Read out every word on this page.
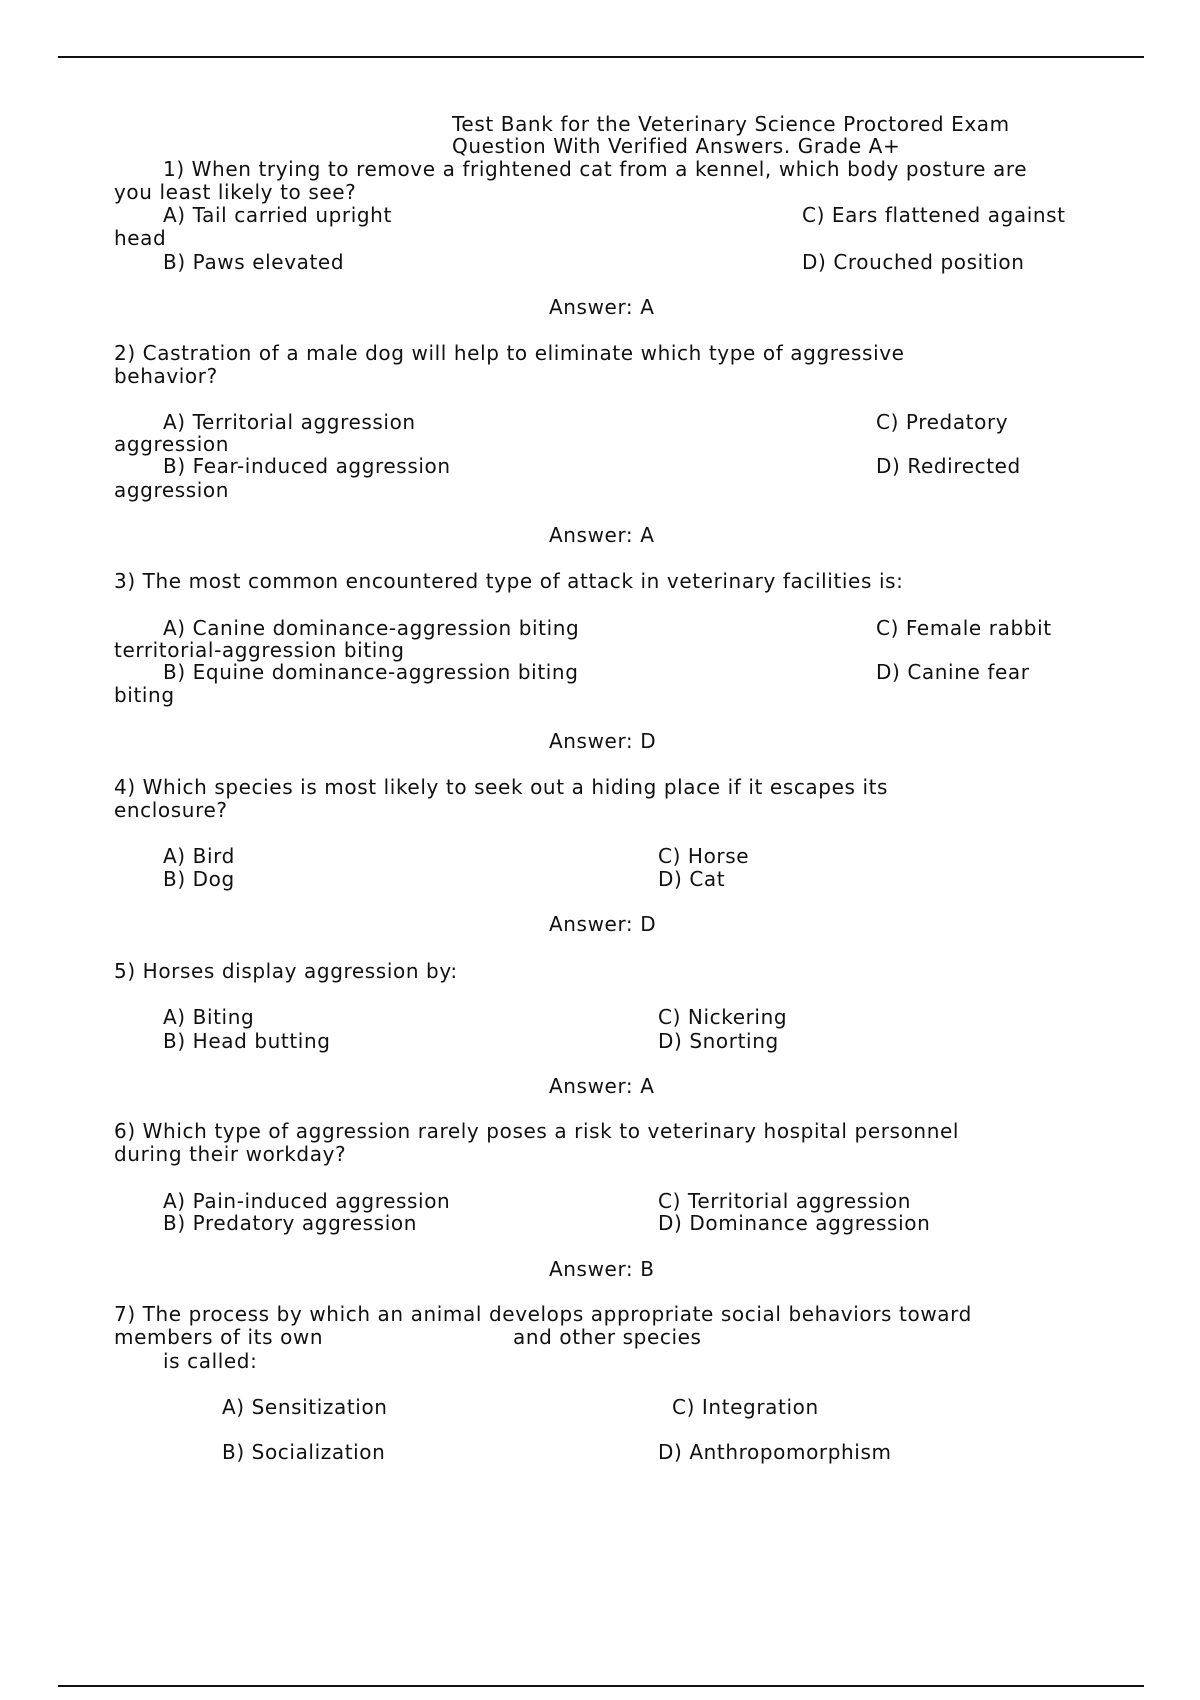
Test Bank for the Veterinary Science Proctored Exam
Question With Verified Answers. Grade A+
1) When trying to remove a frightened cat from a kennel, which body posture are
you least likely to see?
A) Tail carried upright	C) Ears flattened against
head
B) Paws elevated	D) Crouched position
Answer: A
2) Castration of a male dog will help to eliminate which type of aggressive
behavior?
A) Territorial aggression	C) Predatory
aggression
B) Fear-induced aggression	D) Redirected
aggression
Answer: A
3) The most common encountered type of attack in veterinary facilities is:
A) Canine dominance-aggression biting	C) Female rabbit
territorial-aggression biting
B) Equine dominance-aggression biting	D) Canine fear
biting
Answer: D
4) Which species is most likely to seek out a hiding place if it escapes its
enclosure?
A) Bird	C) Horse
B) Dog	D) Cat
Answer: D
5) Horses display aggression by:
A) Biting	C) Nickering
B) Head butting	D) Snorting
Answer: A
6) Which type of aggression rarely poses a risk to veterinary hospital personnel
during their workday?
A) Pain-induced aggression	C) Territorial aggression
B) Predatory aggression	D) Dominance aggression
Answer: B
7) The process by which an animal develops appropriate social behaviors toward
members of its own	and other species
is called:
A) Sensitization	C) Integration
B) Socialization	D) Anthropomorphism
